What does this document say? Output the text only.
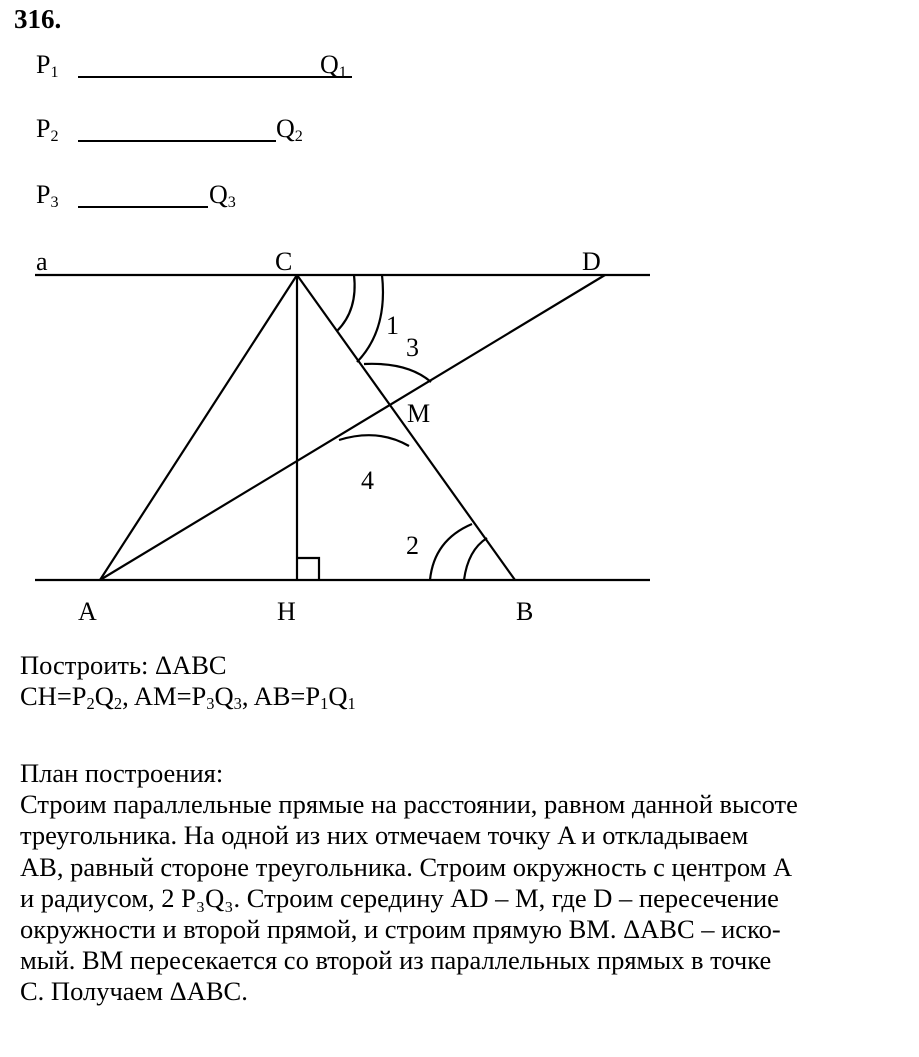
316.
$P_1$	$Q_1$
$P_2$	$Q_2$
$P_3$	$Q_3$
a	C	D
M
A	H	B
1
3
4
2
Построить: ΔABC
$CH=P_2Q_2$, $AM=P_3Q_3$, $AB=P_1Q_1$

План построения:

Строим параллельные прямые на расстоянии, равном данной высоте

треугольника. На одной из них отмечаем точку A и откладываем

AB, равный стороне треугольника. Строим окружность с центром A

и радиусом, 2 P₃Q₃. Строим середину AD – M, где D – пересечение

окружности и второй прямой, и строим прямую BM. ΔABC – иско-

мый. BM пересекается со второй из параллельных прямых в точке

C. Получаем ΔABC.
